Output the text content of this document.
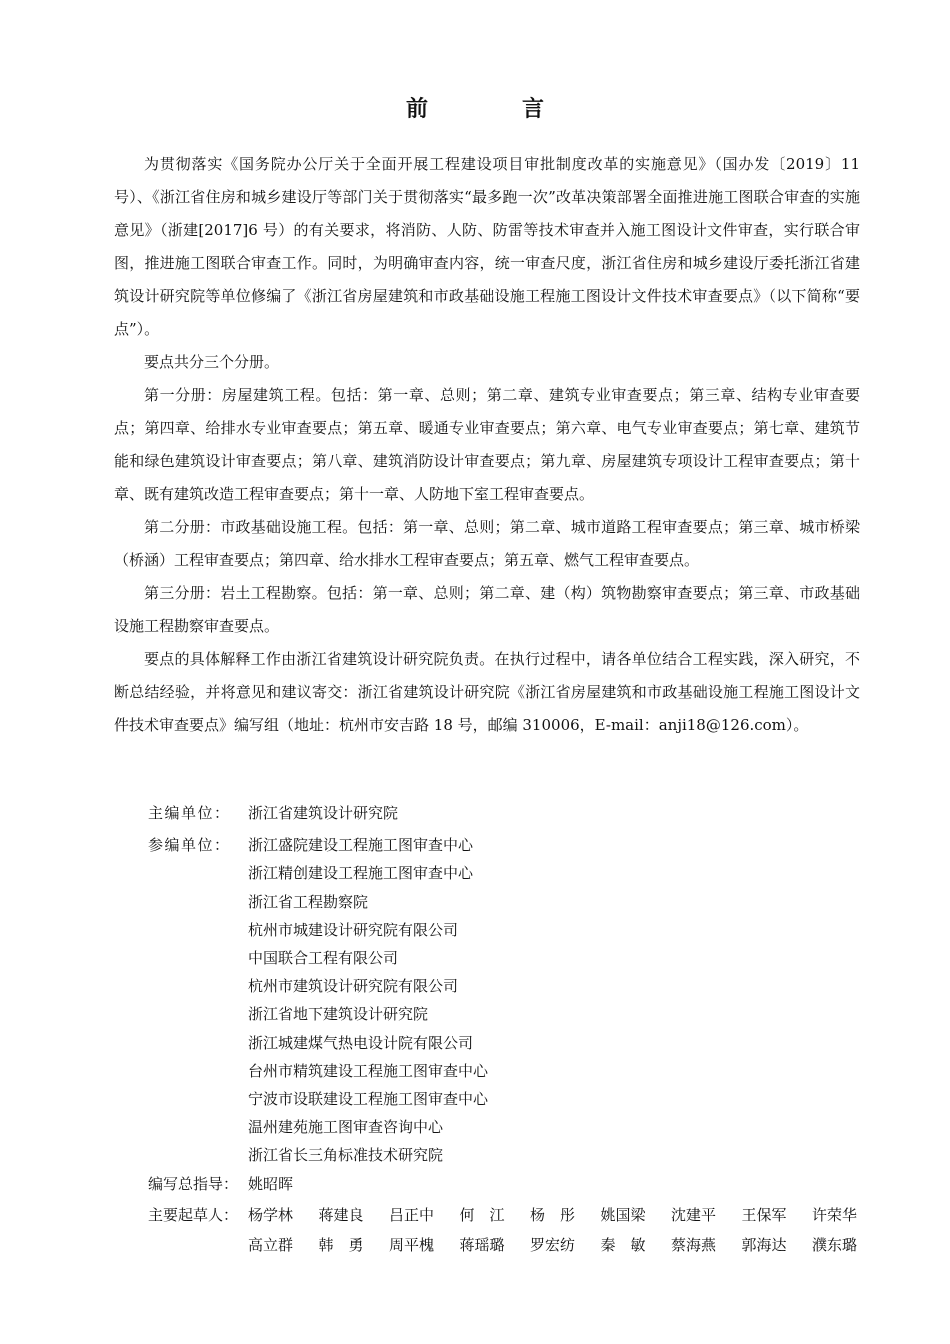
前　言

为贯彻落实《国务院办公厅关于全面开展工程建设项目审批制度改革的实施意见》（国办发〔2019〕11 号）、《浙江省住房和城乡建设厅等部门关于贯彻落实“最多跑一次”改革决策部署全面推进施工图联合审查的实施意见》（浙建[2017]6 号）的有关要求，将消防、人防、防雷等技术审查并入施工图设计文件审查，实行联合审图，推进施工图联合审查工作。同时，为明确审查内容，统一审查尺度，浙江省住房和城乡建设厅委托浙江省建筑设计研究院等单位修编了《浙江省房屋建筑和市政基础设施工程施工图设计文件技术审查要点》（以下简称“要点”）。

要点共分三个分册。

第一分册：房屋建筑工程。包括：第一章、总则；第二章、建筑专业审查要点；第三章、结构专业审查要点；第四章、给排水专业审查要点；第五章、暖通专业审查要点；第六章、电气专业审查要点；第七章、建筑节能和绿色建筑设计审查要点；第八章、建筑消防设计审查要点；第九章、房屋建筑专项设计工程审查要点；第十章、既有建筑改造工程审查要点；第十一章、人防地下室工程审查要点。

第二分册：市政基础设施工程。包括：第一章、总则；第二章、城市道路工程审查要点；第三章、城市桥梁（桥涵）工程审查要点；第四章、给水排水工程审查要点；第五章、燃气工程审查要点。

第三分册：岩土工程勘察。包括：第一章、总则；第二章、建（构）筑物勘察审查要点；第三章、市政基础设施工程勘察审查要点。

要点的具体解释工作由浙江省建筑设计研究院负责。在执行过程中，请各单位结合工程实践，深入研究，不断总结经验，并将意见和建议寄交：浙江省建筑设计研究院《浙江省房屋建筑和市政基础设施工程施工图设计文件技术审查要点》编写组（地址：杭州市安吉路 18 号，邮编 310006，E-mail：anji18@126.com）。

主编单位：	浙江省建筑设计研究院
参编单位：	浙江盛院建设工程施工图审查中心
浙江精创建设工程施工图审查中心
浙江省工程勘察院
杭州市城建设计研究院有限公司
中国联合工程有限公司
杭州市建筑设计研究院有限公司
浙江省地下建筑设计研究院
浙江城建煤气热电设计院有限公司
台州市精筑建设工程施工图审查中心
宁波市设联建设工程施工图审查中心
温州建苑施工图审查咨询中心
浙江省长三角标准技术研究院
编写总指导： 姚昭晖
主要起草人： 杨学林	蒋建良	吕正中	何　江	杨　彤	姚国梁	沈建平	王保军	许荣华
高立群	韩　勇	周平槐	蒋瑶璐	罗宏纺	秦　敏	蔡海燕	郭海达	濮东璐
